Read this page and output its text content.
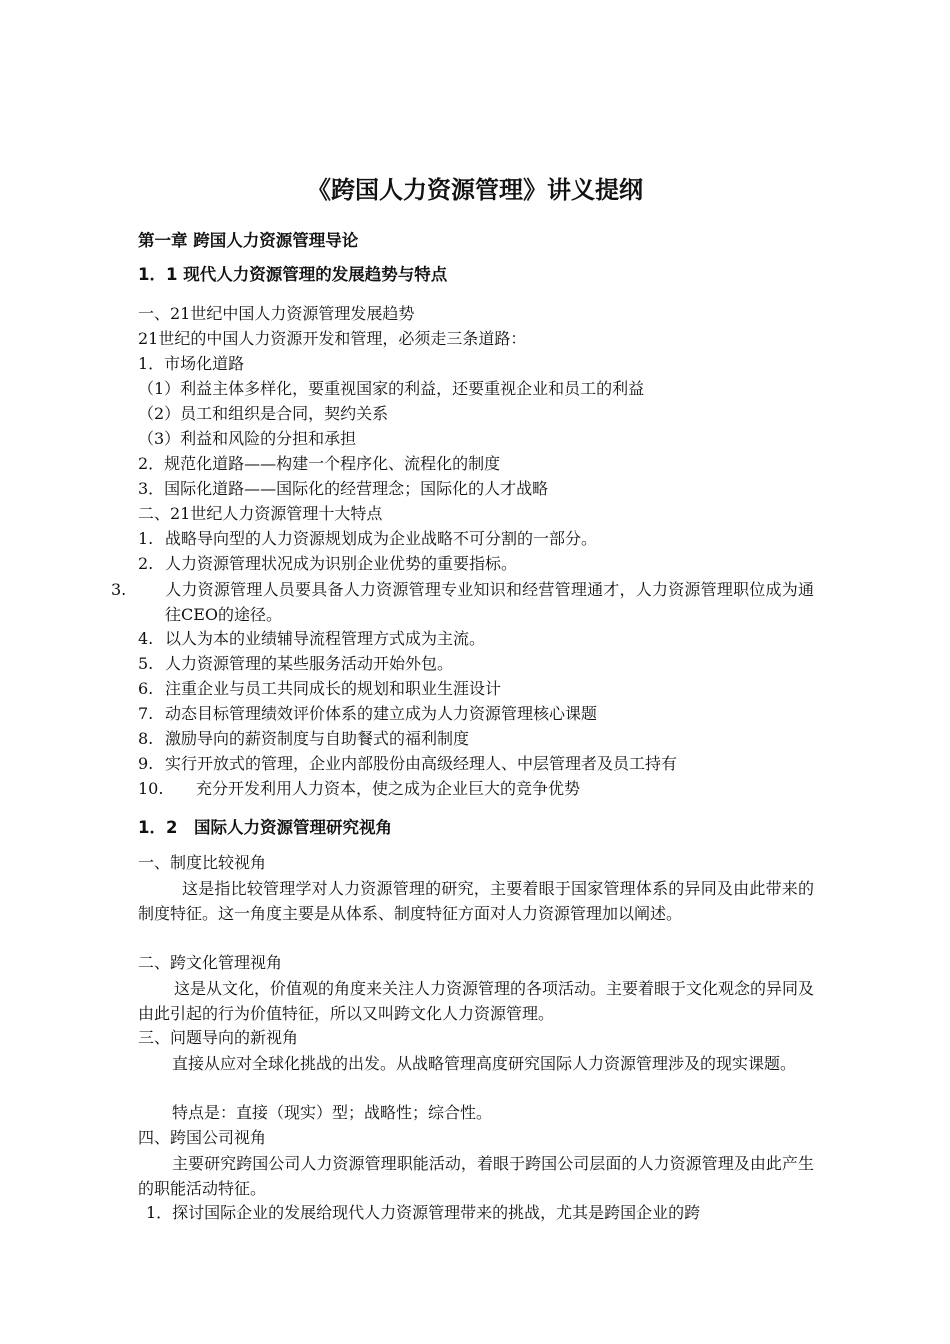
《跨国人力资源管理》讲义提纲
第一章 跨国人力资源管理导论
1．1 现代人力资源管理的发展趋势与特点
一、21世纪中国人力资源管理发展趋势
21世纪的中国人力资源开发和管理，必须走三条道路：
1．市场化道路
（1）利益主体多样化，要重视国家的利益，还要重视企业和员工的利益
（2）员工和组织是合同，契约关系
（3）利益和风险的分担和承担
2．规范化道路——构建一个程序化、流程化的制度
3．国际化道路——国际化的经营理念；国际化的人才战略
二、21世纪人力资源管理十大特点
1. 战略导向型的人力资源规划成为企业战略不可分割的一部分。
2. 人力资源管理状况成为识别企业优势的重要指标。
3. 人力资源管理人员要具备人力资源管理专业知识和经营管理通才，人力资源管理职位成为通往CEO的途径。
4. 以人为本的业绩辅导流程管理方式成为主流。
5. 人力资源管理的某些服务活动开始外包。
6. 注重企业与员工共同成长的规划和职业生涯设计
7. 动态目标管理绩效评价体系的建立成为人力资源管理核心课题
8. 激励导向的薪资制度与自助餐式的福利制度
9. 实行开放式的管理，企业内部股份由高级经理人、中层管理者及员工持有
10. 充分开发利用人力资本，使之成为企业巨大的竞争优势
1．2　国际人力资源管理研究视角
一、制度比较视角
这是指比较管理学对人力资源管理的研究，主要着眼于国家管理体系的异同及由此带来的制度特征。这一角度主要是从体系、制度特征方面对人力资源管理加以阐述。
二、跨文化管理视角
这是从文化，价值观的角度来关注人力资源管理的各项活动。主要着眼于文化观念的异同及由此引起的行为价值特征，所以又叫跨文化人力资源管理。
三、问题导向的新视角
直接从应对全球化挑战的出发。从战略管理高度研究国际人力资源管理涉及的现实课题。
特点是：直接（现实）型；战略性；综合性。
四、跨国公司视角
主要研究跨国公司人力资源管理职能活动，着眼于跨国公司层面的人力资源管理及由此产生的职能活动特征。
1．探讨国际企业的发展给现代人力资源管理带来的挑战，尤其是跨国企业的跨
